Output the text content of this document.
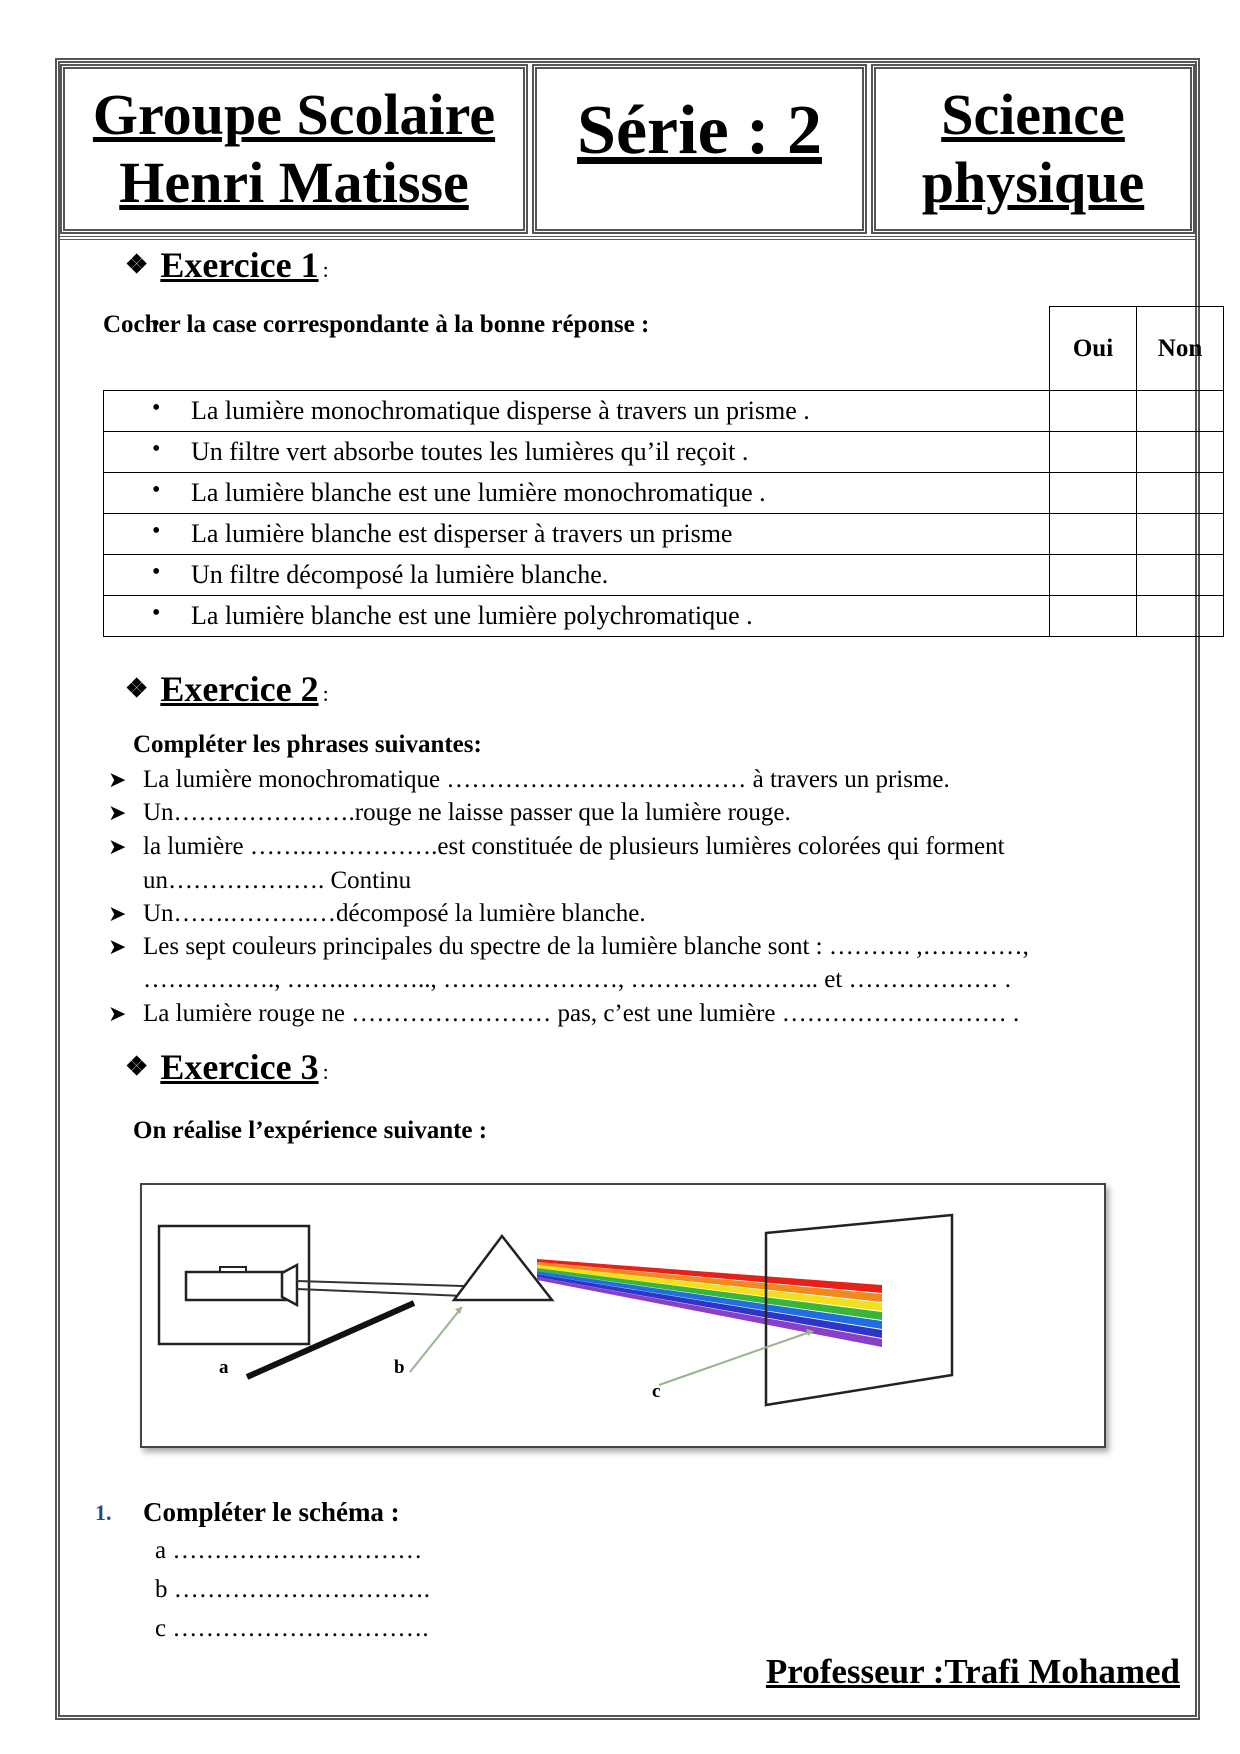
Groupe Scolaire
Henri Matisse
Série : 2 Science
physique
❖ Exercice 1 :
Cocher la case correspondante à la bonne réponse :
•	Oui	Non
• La lumière monochromatique disperse à travers un prisme .		
• Un filtre vert absorbe toutes les lumières qu’il reçoit .		
• La lumière blanche est une lumière monochromatique .		
• La lumière blanche est disperser à travers un prisme		
• Un filtre décomposé la lumière blanche.		
• La lumière blanche est une lumière polychromatique .		
❖ Exercice 2 :
Compléter les phrases suivantes:
➤ La lumière monochromatique ……………………………… à travers un prisme.
➤ Un………………….rouge ne laisse passer que la lumière rouge.
➤ la lumière …….…………….est constituée de plusieurs lumières colorées qui forment
un………………. Continu
➤ Un…….……….…décomposé la lumière blanche.
➤ Les sept couleurs principales du spectre de la lumière blanche sont : ………. ,…………,
……………., …….……….., …………………, ………………….. et ……………… .
➤ La lumière rouge ne …………………… pas, c’est une lumière ……………………… .
❖ Exercice 3 :
On réalise l’expérience suivante :
a	b
c
1. Compléter le schéma :
a …………………………
b ………………………….
c ………………………….
Professeur :Trafi Mohamed
